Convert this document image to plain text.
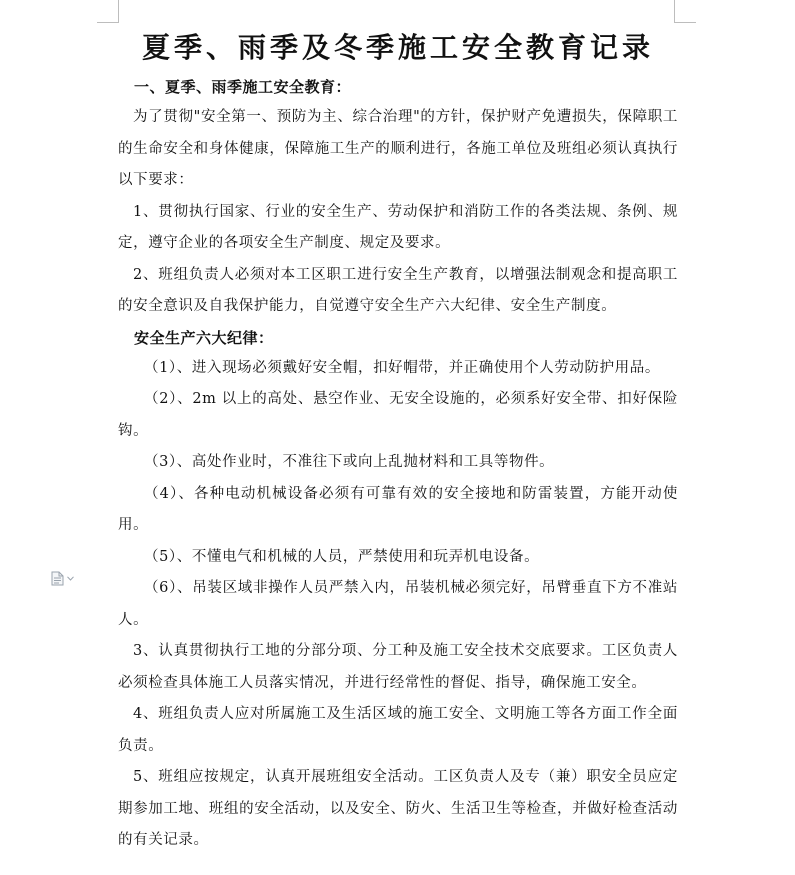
夏季、雨季及冬季施工安全教育记录

一、夏季、雨季施工安全教育：

为了贯彻"安全第一、预防为主、综合治理"的方针，保护财产免遭损失，保障职工的生命安全和身体健康，保障施工生产的顺利进行，各施工单位及班组必须认真执行以下要求：

1、贯彻执行国家、行业的安全生产、劳动保护和消防工作的各类法规、条例、规定，遵守企业的各项安全生产制度、规定及要求。

2、班组负责人必须对本工区职工进行安全生产教育，以增强法制观念和提高职工的安全意识及自我保护能力，自觉遵守安全生产六大纪律、安全生产制度。

安全生产六大纪律：

（1）、进入现场必须戴好安全帽，扣好帽带，并正确使用个人劳动防护用品。

（2）、2m 以上的高处、悬空作业、无安全设施的，必须系好安全带、扣好保险钩。

（3）、高处作业时，不准往下或向上乱抛材料和工具等物件。

（4）、各种电动机械设备必须有可靠有效的安全接地和防雷装置，方能开动使用。

（5）、不懂电气和机械的人员，严禁使用和玩弄机电设备。

（6）、吊装区域非操作人员严禁入内，吊装机械必须完好，吊臂垂直下方不准站人。

3、认真贯彻执行工地的分部分项、分工种及施工安全技术交底要求。工区负责人必须检查具体施工人员落实情况，并进行经常性的督促、指导，确保施工安全。

4、班组负责人应对所属施工及生活区域的施工安全、文明施工等各方面工作全面负责。

5、班组应按规定，认真开展班组安全活动。工区负责人及专（兼）职安全员应定期参加工地、班组的安全活动，以及安全、防火、生活卫生等检查，并做好检查活动的有关记录。
